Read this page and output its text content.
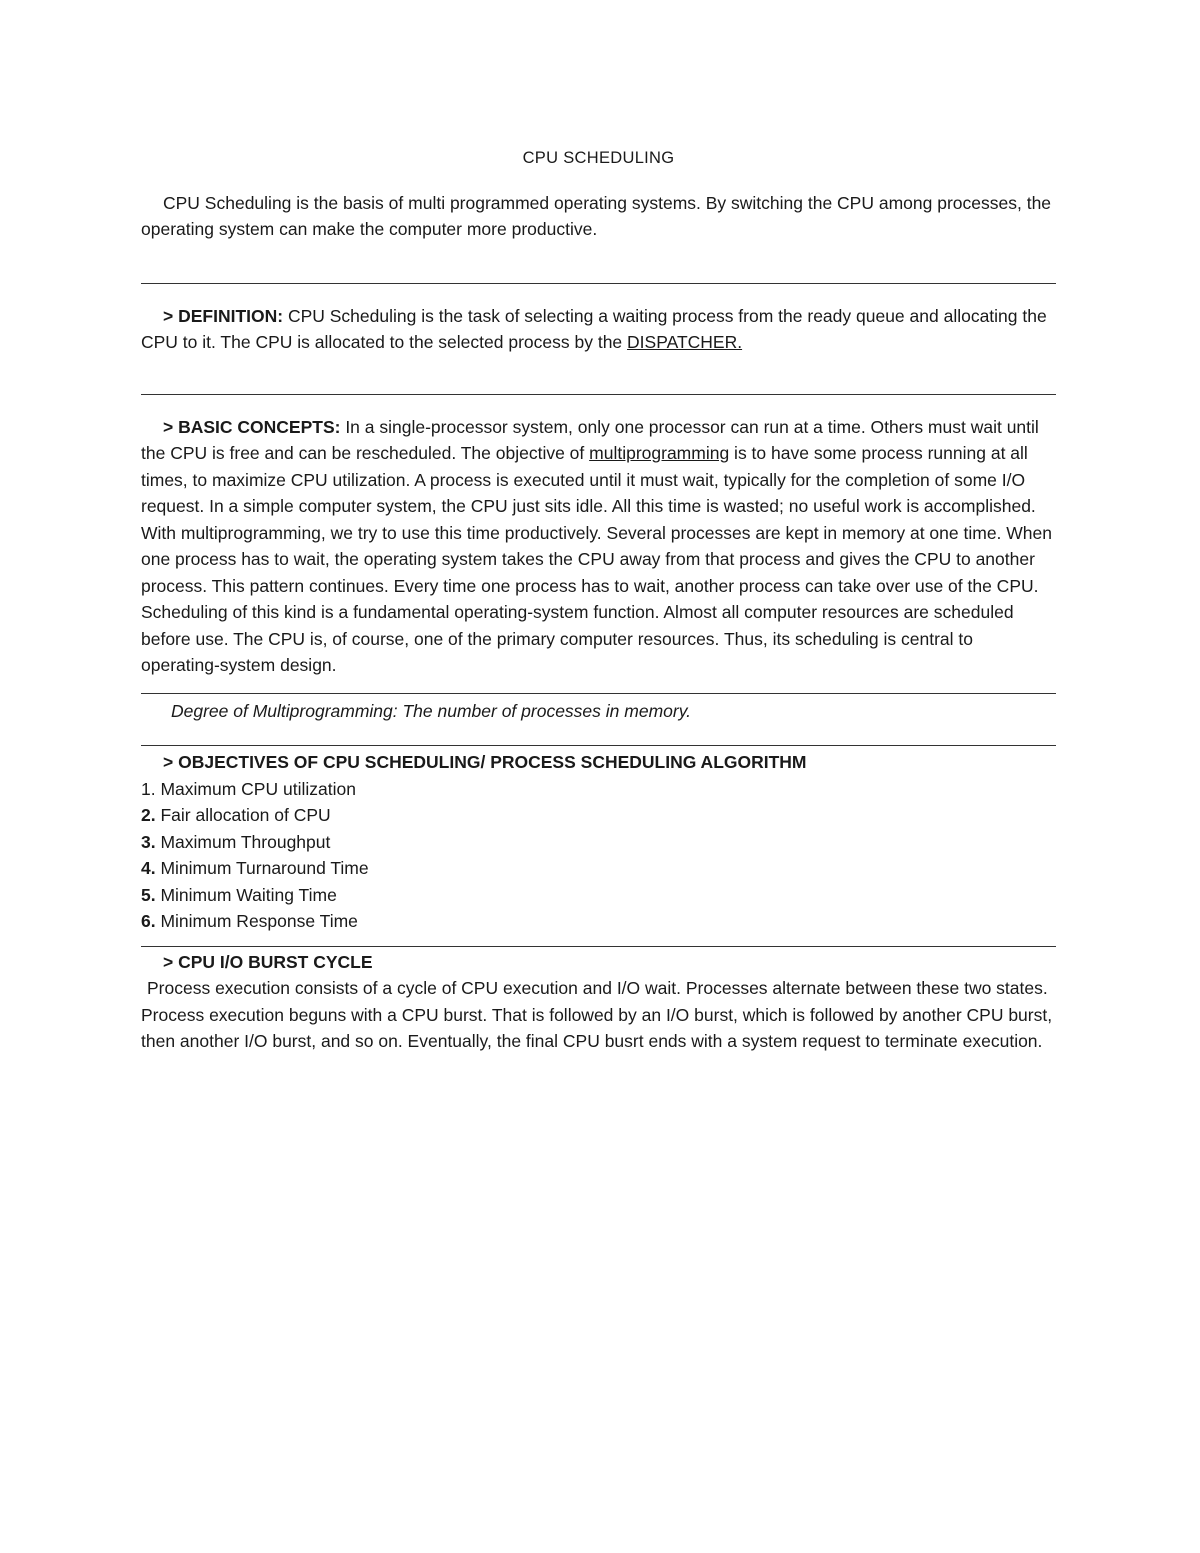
CPU SCHEDULING

CPU Scheduling is the basis of multi programmed operating systems. By switching the CPU among processes, the operating system can make the computer more productive.

> DEFINITION: CPU Scheduling is the task of selecting a waiting process from the ready queue and allocating the CPU to it. The CPU is allocated to the selected process by the DISPATCHER.

> BASIC CONCEPTS: In a single-processor system, only one processor can run at a time. Others must wait until the CPU is free and can be rescheduled. The objective of multiprogramming is to have some process running at all times, to maximize CPU utilization. A process is executed until it must wait, typically for the completion of some I/O request. In a simple computer system, the CPU just sits idle. All this time is wasted; no useful work is accomplished. With multiprogramming, we try to use this time productively. Several processes are kept in memory at one time. When one process has to wait, the operating system takes the CPU away from that process and gives the CPU to another process. This pattern continues. Every time one process has to wait, another process can take over use of the CPU. Scheduling of this kind is a fundamental operating-system function. Almost all computer resources are scheduled before use. The CPU is, of course, one of the primary computer resources. Thus, its scheduling is central to operating-system design.

Degree of Multiprogramming: The number of processes in memory.

> OBJECTIVES OF CPU SCHEDULING/ PROCESS SCHEDULING ALGORITHM

1. Maximum CPU utilization
2. Fair allocation of CPU
3. Maximum Throughput
4. Minimum Turnaround Time
5. Minimum Waiting Time
6. Minimum Response Time

> CPU I/O BURST CYCLE

Process execution consists of a cycle of CPU execution and I/O wait. Processes alternate between these two states. Process execution beguns with a CPU burst. That is followed by an I/O burst, which is followed by another CPU burst, then another I/O burst, and so on. Eventually, the final CPU busrt ends with a system request to terminate execution.
